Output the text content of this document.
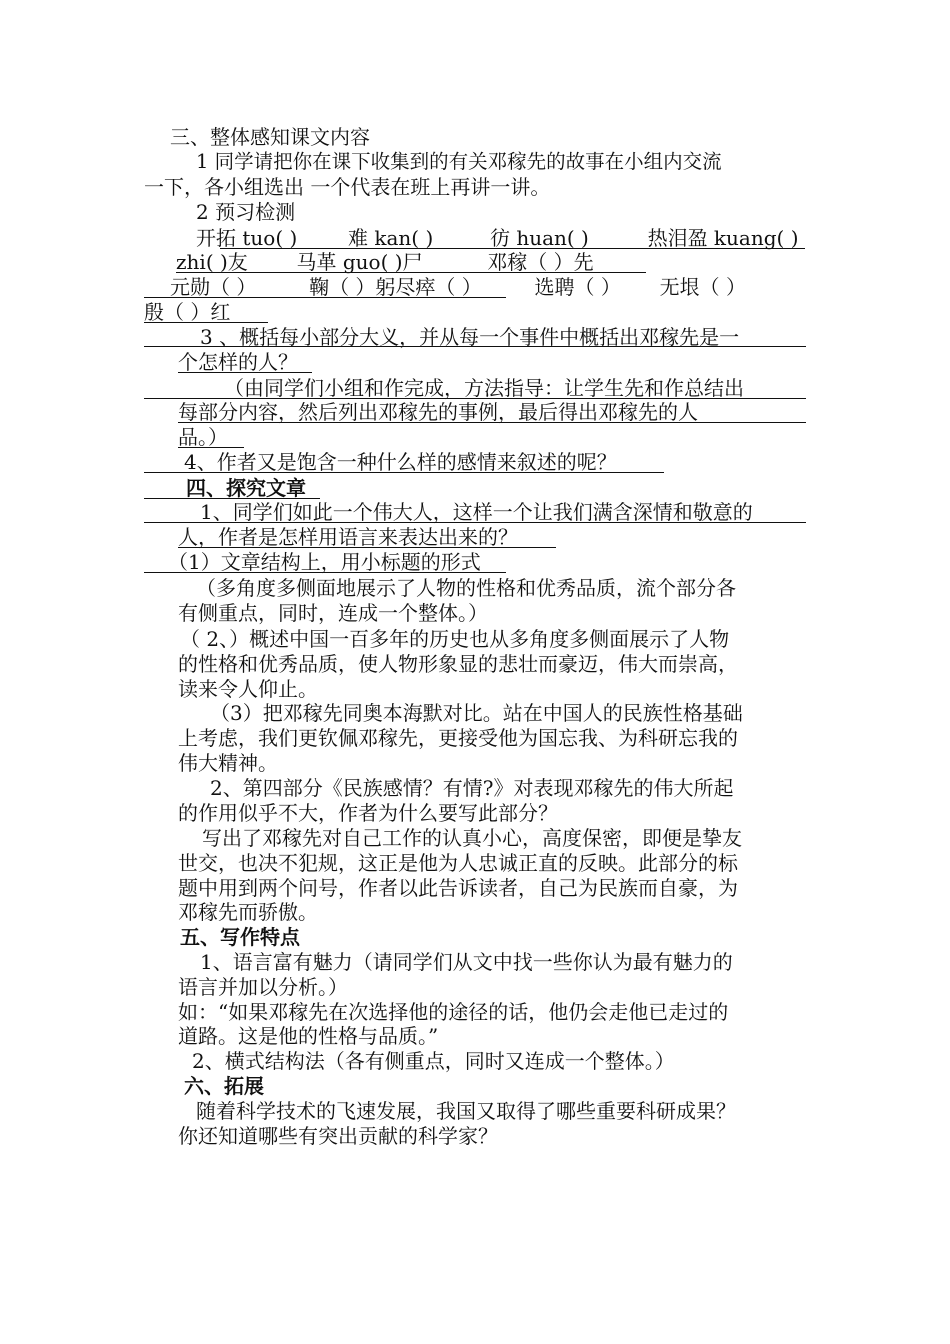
三、整体感知课文内容
1 同学请把你在课下收集到的有关邓稼先的故事在小组内交流
一下，各小组选出 一个代表在班上再讲一讲。
2 预习检测
开拓 tuo( )	难 kan( )	彷 huan( )	热泪盈 kuang( )
zhi( )友 马革 guo( )尸	邓稼（ ）先
元勋（ ）	鞠（ ）躬尽瘁（ ）	选聘（ ） 无垠（ ）
殷（ ）红
3 、概括每小部分大义，并从每一个事件中概括出邓稼先是一
个怎样的人？
（由同学们小组和作完成，方法指导：让学生先和作总结出
每部分内容，然后列出邓稼先的事例，最后得出邓稼先的人
品。）
4、作者又是饱含一种什么样的感情来叙述的呢？
四、探究文章
1、同学们如此一个伟大人，这样一个让我们满含深情和敬意的
人，作者是怎样用语言来表达出来的？
（1）文章结构上，用小标题的形式
（多角度多侧面地展示了人物的性格和优秀品质，流个部分各
有侧重点，同时，连成一个整体。）
（ 2、）概述中国一百多年的历史也从多角度多侧面展示了人物
的性格和优秀品质，使人物形象显的悲壮而豪迈，伟大而崇高，
读来令人仰止。
（3）把邓稼先同奥本海默对比。站在中国人的民族性格基础
上考虑，我们更钦佩邓稼先，更接受他为国忘我、为科研忘我的
伟大精神。
2、第四部分《民族感情？有情?》对表现邓稼先的伟大所起
的作用似乎不大，作者为什么要写此部分？
写出了邓稼先对自己工作的认真小心，高度保密，即便是挚友
世交，也决不犯规，这正是他为人忠诚正直的反映。此部分的标
题中用到两个问号，作者以此告诉读者，自己为民族而自豪，为
邓稼先而骄傲。
五、写作特点
1、语言富有魅力（请同学们从文中找一些你认为最有魅力的
语言并加以分析。）
如：“如果邓稼先在次选择他的途径的话，他仍会走他已走过的
道路。这是他的性格与品质。”
2、横式结构法（各有侧重点，同时又连成一个整体。）
六、拓展
随着科学技术的飞速发展，我国又取得了哪些重要科研成果？
你还知道哪些有突出贡献的科学家？
